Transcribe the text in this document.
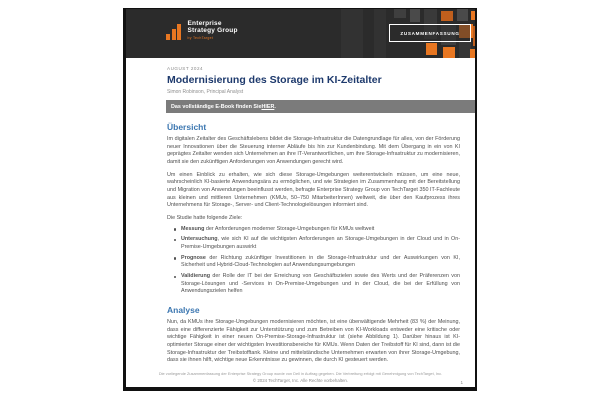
Enterprise
Strategy Group
by TechTarget
ZUSAMMENFASSUNG
AUGUST 2024
Modernisierung des Storage im KI-Zeitalter
Simon Robinson, Principal Analyst
Das vollständige E-Book finden Sie HIER .
Übersicht

Im digitalen Zeitalter des Geschäftslebens bildet die Storage-Infrastruktur die Datengrundlage für alles, von der Förderung neuer Innovationen über die Steuerung interner Abläufe bis hin zur Kundenbindung. Mit dem Übergang in ein von KI geprägtes Zeitalter wenden sich Unternehmen an ihre IT-Verantwortlichen, um ihre Storage-Infrastruktur zu modernisieren, damit sie den zukünftigen Anforderungen von Anwendungen gerecht wird.

Um einen Einblick zu erhalten, wie sich diese Storage-Umgebungen weiterentwickeln müssen, um eine neue, wahrscheinlich KI-basierte Anwendungsära zu ermöglichen, und wie Strategien im Zusammenhang mit der Bereitstellung und Migration von Anwendungen beeinflusst werden, befragte Enterprise Strategy Group von TechTarget 350 IT-Fachleute aus kleinen und mittleren Unternehmen (KMUs, 50–750 MitarbeiterInnen) weltweit, die über den Kaufprozess ihres Unternehmens für Storage-, Server- und Client-Technologielösungen informiert sind.

Die Studie hatte folgende Ziele:

Messung der Anforderungen moderner Storage-Umgebungen für KMUs weltweit
Untersuchung, wie sich KI auf die wichtigsten Anforderungen an Storage-Umgebungen in der Cloud und in On-Premise-Umgebungen auswirkt
Prognose der Richtung zukünftiger Investitionen in die Storage-Infrastruktur und der Auswirkungen von KI, Sicherheit und Hybrid-Cloud-Technologien auf Anwendungsumgebungen
Validierung der Rolle der IT bei der Erreichung von Geschäftszielen sowie des Werts und der Präferenzen von Storage-Lösungen und -Services in On-Premise-Umgebungen und in der Cloud, die bei der Erfüllung von Anwendungszielen helfen
Analyse

Nun, da KMUs ihre Storage-Umgebungen modernisieren möchten, ist eine überwältigende Mehrheit (83 %) der Meinung, dass eine differenzierte Fähigkeit zur Unterstützung und zum Betreiben von KI-Workloads entweder eine kritische oder wichtige Fähigkeit in einer neuen On-Premise-Storage-Infrastruktur ist (siehe Abbildung 1). Darüber hinaus ist KI-optimierter Storage einer der wichtigsten Investitionsbereiche für KMUs. Wenn Daten der Treibstoff für KI sind, dann ist die Storage-Infrastruktur der Treibstofftank. Kleine und mittelständische Unternehmen erwarten von ihrer Storage-Umgebung, dass sie ihnen hilft, wichtige neue Erkenntnisse zu gewinnen, die durch KI gesteuert werden.

Die vorliegende Zusammenfassung der Enterprise Strategy Group wurde von Dell in Auftrag gegeben. Die Verbreitung erfolgt mit Genehmigung von TechTarget, Inc.
© 2024 TechTarget, Inc. Alle Rechte vorbehalten.	1
